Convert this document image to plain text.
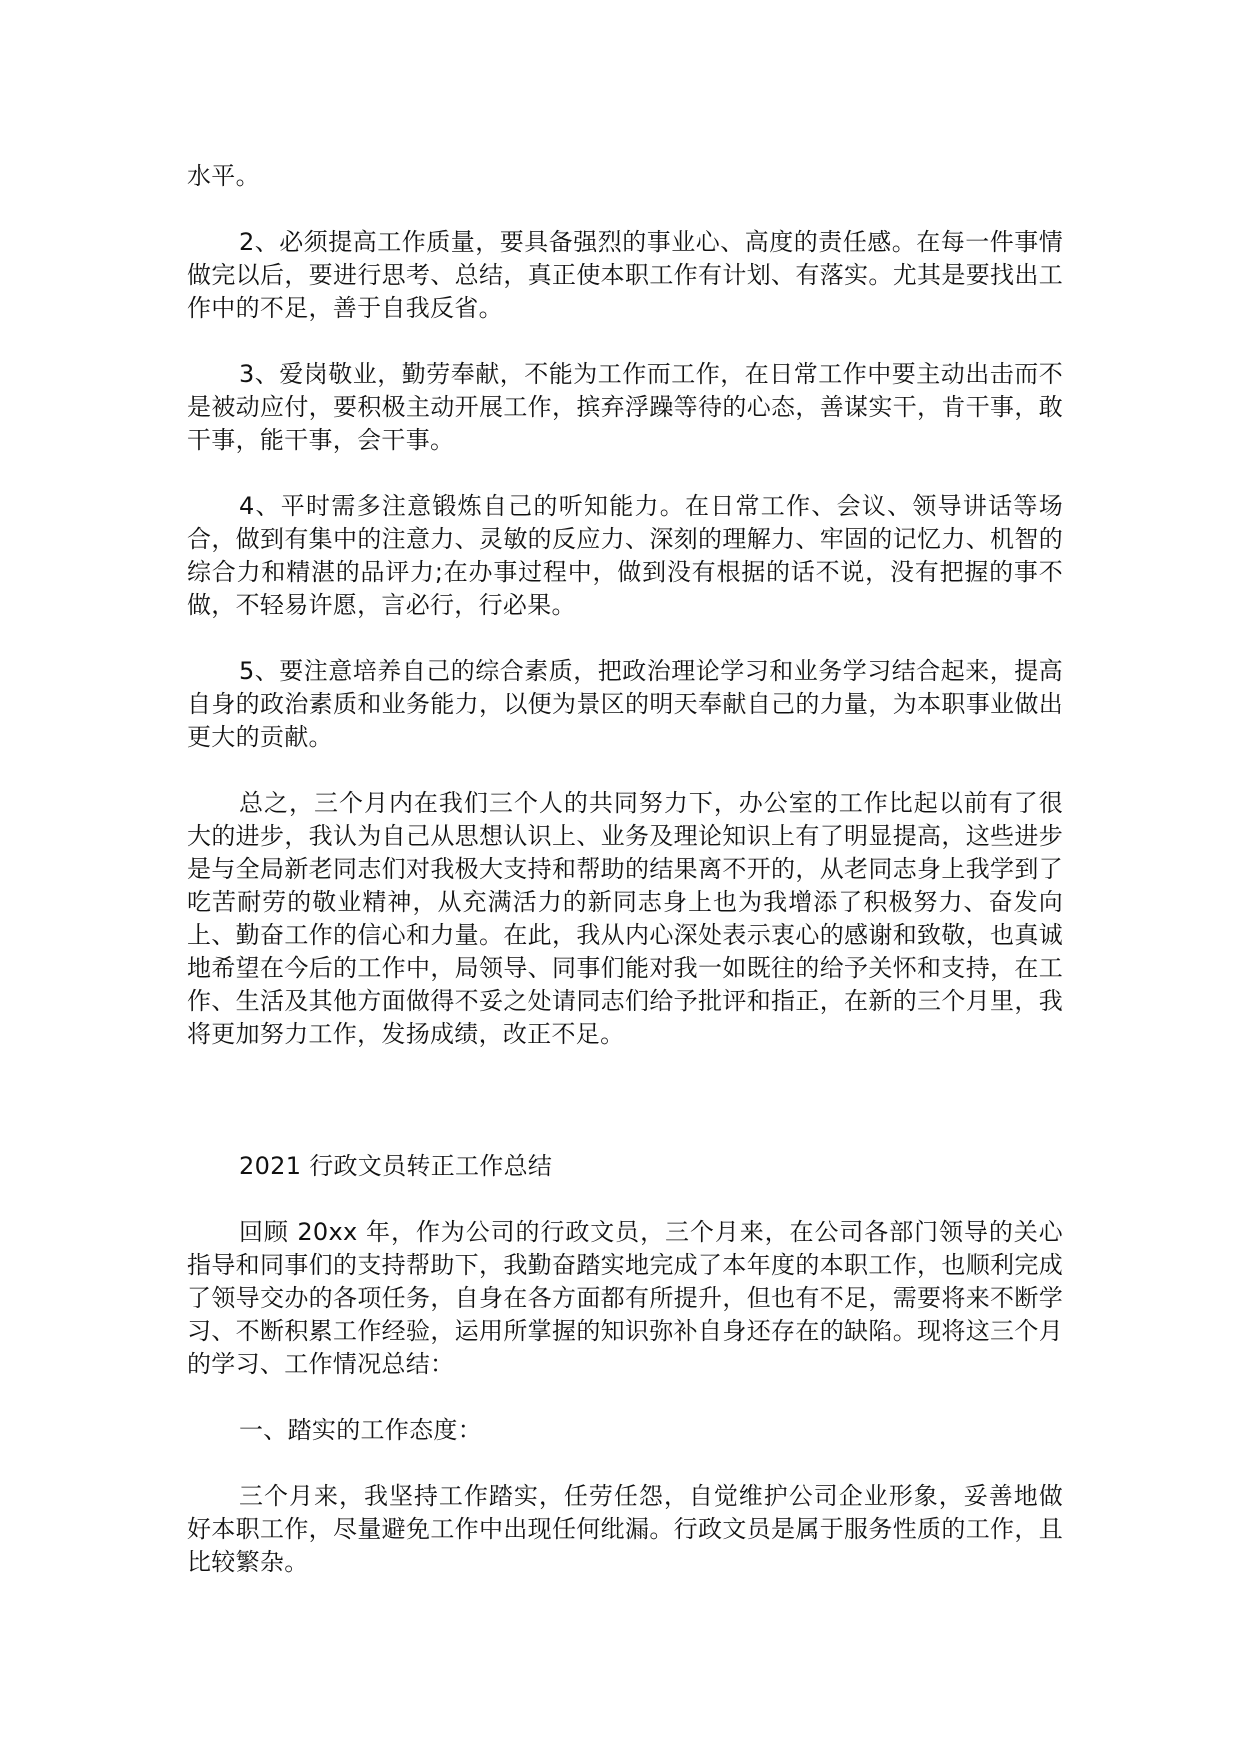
水平。

2、必须提高工作质量，要具备强烈的事业心、高度的责任感。在每一件事情做完以后，要进行思考、总结，真正使本职工作有计划、有落实。尤其是要找出工作中的不足，善于自我反省。

3、爱岗敬业，勤劳奉献，不能为工作而工作，在日常工作中要主动出击而不是被动应付，要积极主动开展工作，摈弃浮躁等待的心态，善谋实干，肯干事，敢干事，能干事，会干事。

4、平时需多注意锻炼自己的听知能力。在日常工作、会议、领导讲话等场合，做到有集中的注意力、灵敏的反应力、深刻的理解力、牢固的记忆力、机智的综合力和精湛的品评力;在办事过程中，做到没有根据的话不说，没有把握的事不做，不轻易许愿，言必行，行必果。

5、要注意培养自己的综合素质，把政治理论学习和业务学习结合起来，提高自身的政治素质和业务能力，以便为景区的明天奉献自己的力量，为本职事业做出更大的贡献。

总之，三个月内在我们三个人的共同努力下，办公室的工作比起以前有了很大的进步，我认为自己从思想认识上、业务及理论知识上有了明显提高，这些进步是与全局新老同志们对我极大支持和帮助的结果离不开的，从老同志身上我学到了吃苦耐劳的敬业精神，从充满活力的新同志身上也为我增添了积极努力、奋发向上、勤奋工作的信心和力量。在此，我从内心深处表示衷心的感谢和致敬，也真诚地希望在今后的工作中，局领导、同事们能对我一如既往的给予关怀和支持，在工作、生活及其他方面做得不妥之处请同志们给予批评和指正，在新的三个月里，我将更加努力工作，发扬成绩，改正不足。

2021 行政文员转正工作总结

回顾 20xx 年，作为公司的行政文员，三个月来，在公司各部门领导的关心指导和同事们的支持帮助下，我勤奋踏实地完成了本年度的本职工作，也顺利完成了领导交办的各项任务，自身在各方面都有所提升，但也有不足，需要将来不断学习、不断积累工作经验，运用所掌握的知识弥补自身还存在的缺陷。现将这三个月的学习、工作情况总结：

一、踏实的工作态度：

三个月来，我坚持工作踏实，任劳任怨，自觉维护公司企业形象，妥善地做好本职工作，尽量避免工作中出现任何纰漏。行政文员是属于服务性质的工作，且比较繁杂。
